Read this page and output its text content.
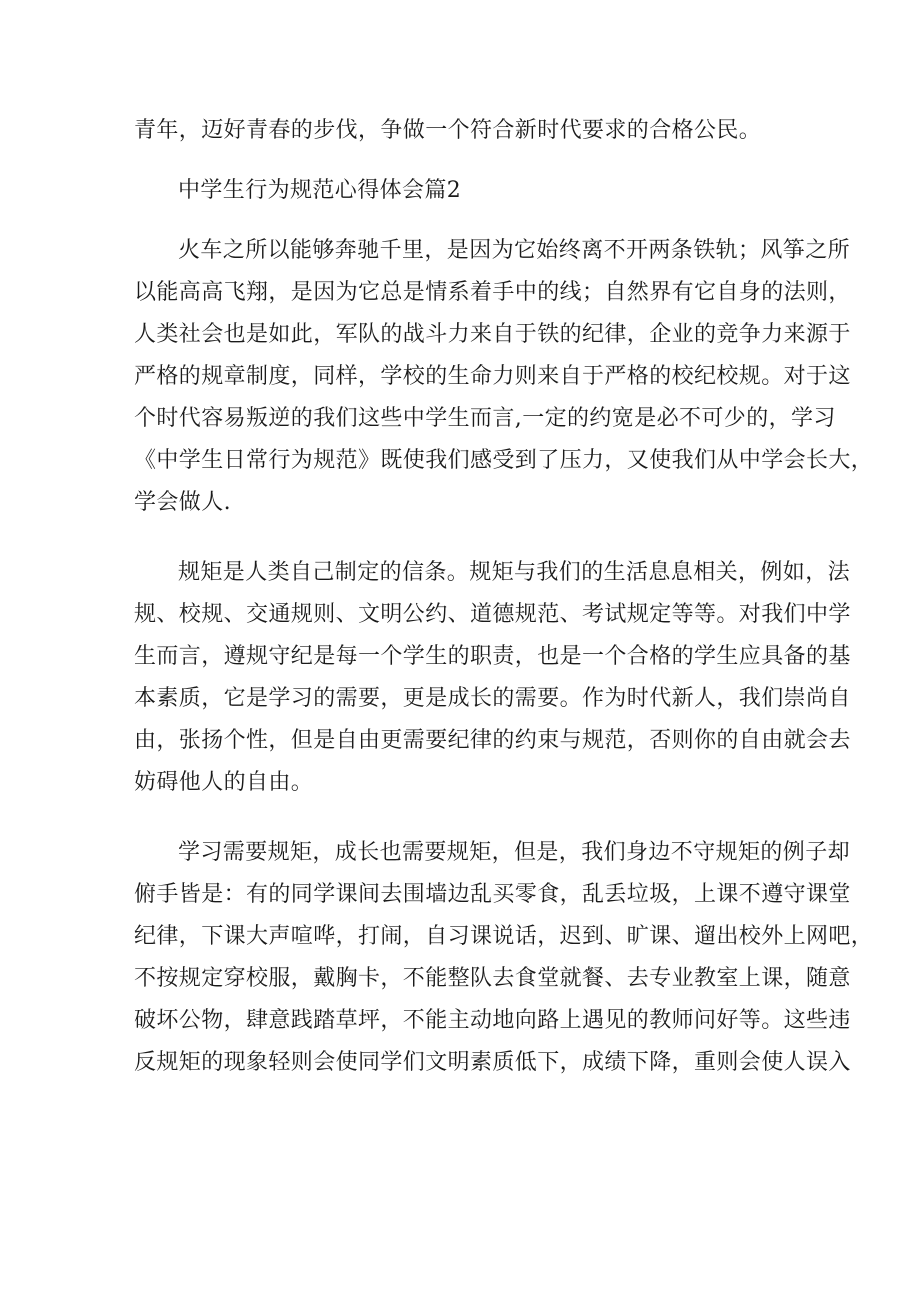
青年，迈好青春的步伐，争做一个符合新时代要求的合格公民。
中学生行为规范心得体会篇2
火车之所以能够奔驰千里，是因为它始终离不开两条铁轨；风筝之所
以能高高飞翔，是因为它总是情系着手中的线；自然界有它自身的法则，
人类社会也是如此，军队的战斗力来自于铁的纪律，企业的竞争力来源于
严格的规章制度，同样，学校的生命力则来自于严格的校纪校规。对于这
个时代容易叛逆的我们这些中学生而言,一定的约宽是必不可少的，学习
《中学生日常行为规范》既使我们感受到了压力，又使我们从中学会长大，
学会做人.
规矩是人类自己制定的信条。规矩与我们的生活息息相关，例如，法
规、校规、交通规则、文明公约、道德规范、考试规定等等。对我们中学
生而言，遵规守纪是每一个学生的职责，也是一个合格的学生应具备的基
本素质，它是学习的需要，更是成长的需要。作为时代新人，我们崇尚自
由，张扬个性，但是自由更需要纪律的约束与规范，否则你的自由就会去
妨碍他人的自由。
学习需要规矩，成长也需要规矩，但是，我们身边不守规矩的例子却
俯手皆是：有的同学课间去围墙边乱买零食，乱丢垃圾，上课不遵守课堂
纪律，下课大声喧哗，打闹，自习课说话，迟到、旷课、遛出校外上网吧，
不按规定穿校服，戴胸卡，不能整队去食堂就餐、去专业教室上课，随意
破坏公物，肆意践踏草坪，不能主动地向路上遇见的教师问好等。这些违
反规矩的现象轻则会使同学们文明素质低下，成绩下降，重则会使人误入
